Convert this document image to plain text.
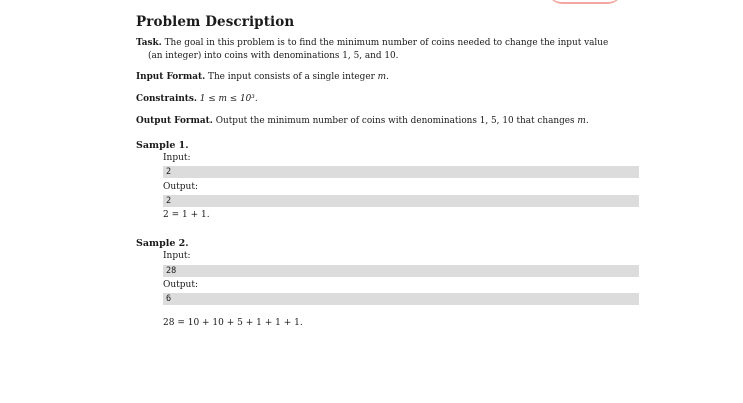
Problem Description
Task. The goal in this problem is to find the minimum number of coins needed to change the input value
(an integer) into coins with denominations 1, 5, and 10.
Input Format. The input consists of a single integer m.
Constraints. 1 ≤ m ≤ 10³.
Output Format. Output the minimum number of coins with denominations 1, 5, 10 that changes m.
Sample 1.
Input:
2
Output:
2
2 = 1 + 1.
Sample 2.
Input:
28
Output:
6
28 = 10 + 10 + 5 + 1 + 1 + 1.
